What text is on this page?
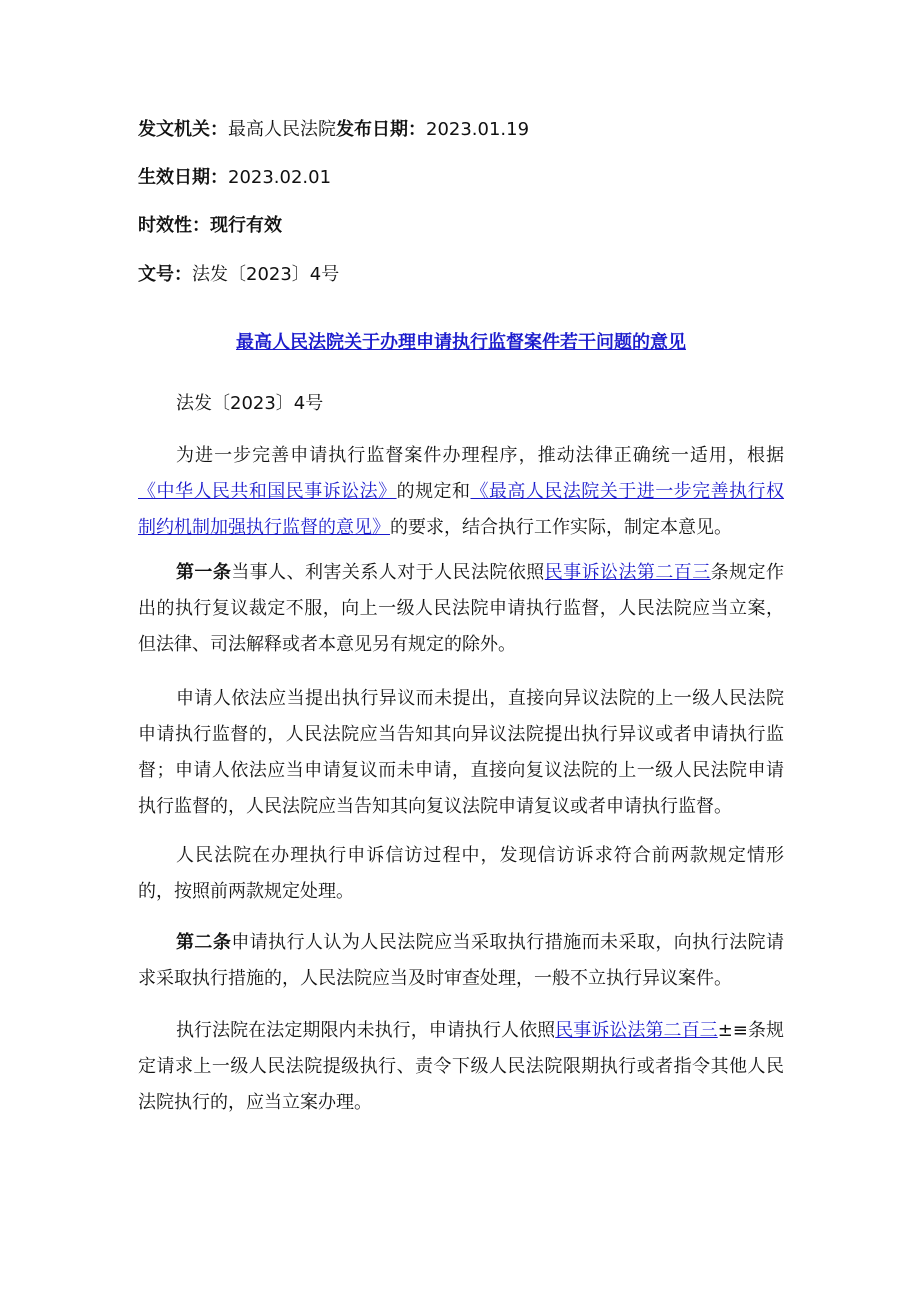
发文机关：最高人民法院发布日期：2023.01.19
生效日期：2023.02.01
时效性：现行有效
文号：法发〔2023〕4号
最高人民法院关于办理申请执行监督案件若干问题的意见
法发〔2023〕4号
为进一步完善申请执行监督案件办理程序，推动法律正确统一适用，根据《中华人民共和国民事诉讼法》的规定和《最高人民法院关于进一步完善执行权制约机制加强执行监督的意见》的要求，结合执行工作实际，制定本意见。
第一条当事人、利害关系人对于人民法院依照民事诉讼法第二百三条规定作出的执行复议裁定不服，向上一级人民法院申请执行监督，人民法院应当立案，但法律、司法解释或者本意见另有规定的除外。
申请人依法应当提出执行异议而未提出，直接向异议法院的上一级人民法院申请执行监督的，人民法院应当告知其向异议法院提出执行异议或者申请执行监督；申请人依法应当申请复议而未申请，直接向复议法院的上一级人民法院申请执行监督的，人民法院应当告知其向复议法院申请复议或者申请执行监督。
人民法院在办理执行申诉信访过程中，发现信访诉求符合前两款规定情形的，按照前两款规定处理。
第二条申请执行人认为人民法院应当采取执行措施而未采取，向执行法院请求采取执行措施的，人民法院应当及时审查处理，一般不立执行异议案件。
执行法院在法定期限内未执行，申请执行人依照民事诉讼法第二百三±≡条规定请求上一级人民法院提级执行、责令下级人民法院限期执行或者指令其他人民法院执行的，应当立案办理。
